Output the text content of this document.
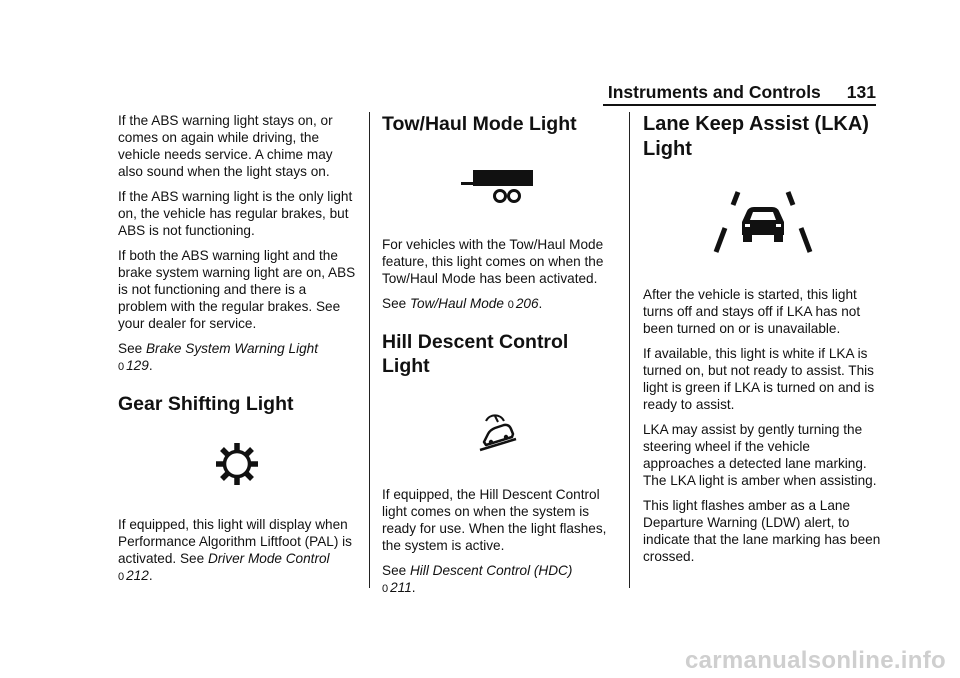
Instruments and Controls 131

If the ABS warning light stays on, or comes on again while driving, the vehicle needs service. A chime may also sound when the light stays on.

If the ABS warning light is the only light on, the vehicle has regular brakes, but ABS is not functioning.

If both the ABS warning light and the brake system warning light are on, ABS is not functioning and there is a problem with the regular brakes. See your dealer for service.

See Brake System Warning Light
0 129.

Gear Shifting Light

If equipped, this light will display when Performance Algorithm Liftfoot (PAL) is activated. See Driver Mode Control 0 212.

Tow/Haul Mode Light

For vehicles with the Tow/Haul Mode feature, this light comes on when the Tow/Haul Mode has been activated.

See Tow/Haul Mode 0 206.

Hill Descent Control Light

If equipped, the Hill Descent Control light comes on when the system is ready for use. When the light flashes, the system is active.

See Hill Descent Control (HDC)
0 211.

Lane Keep Assist (LKA) Light

After the vehicle is started, this light turns off and stays off if LKA has not been turned on or is unavailable.

If available, this light is white if LKA is turned on, but not ready to assist. This light is green if LKA is turned on and is ready to assist.

LKA may assist by gently turning the steering wheel if the vehicle approaches a detected lane marking. The LKA light is amber when assisting.

This light flashes amber as a Lane Departure Warning (LDW) alert, to indicate that the lane marking has been crossed.

carmanualsonline.info
